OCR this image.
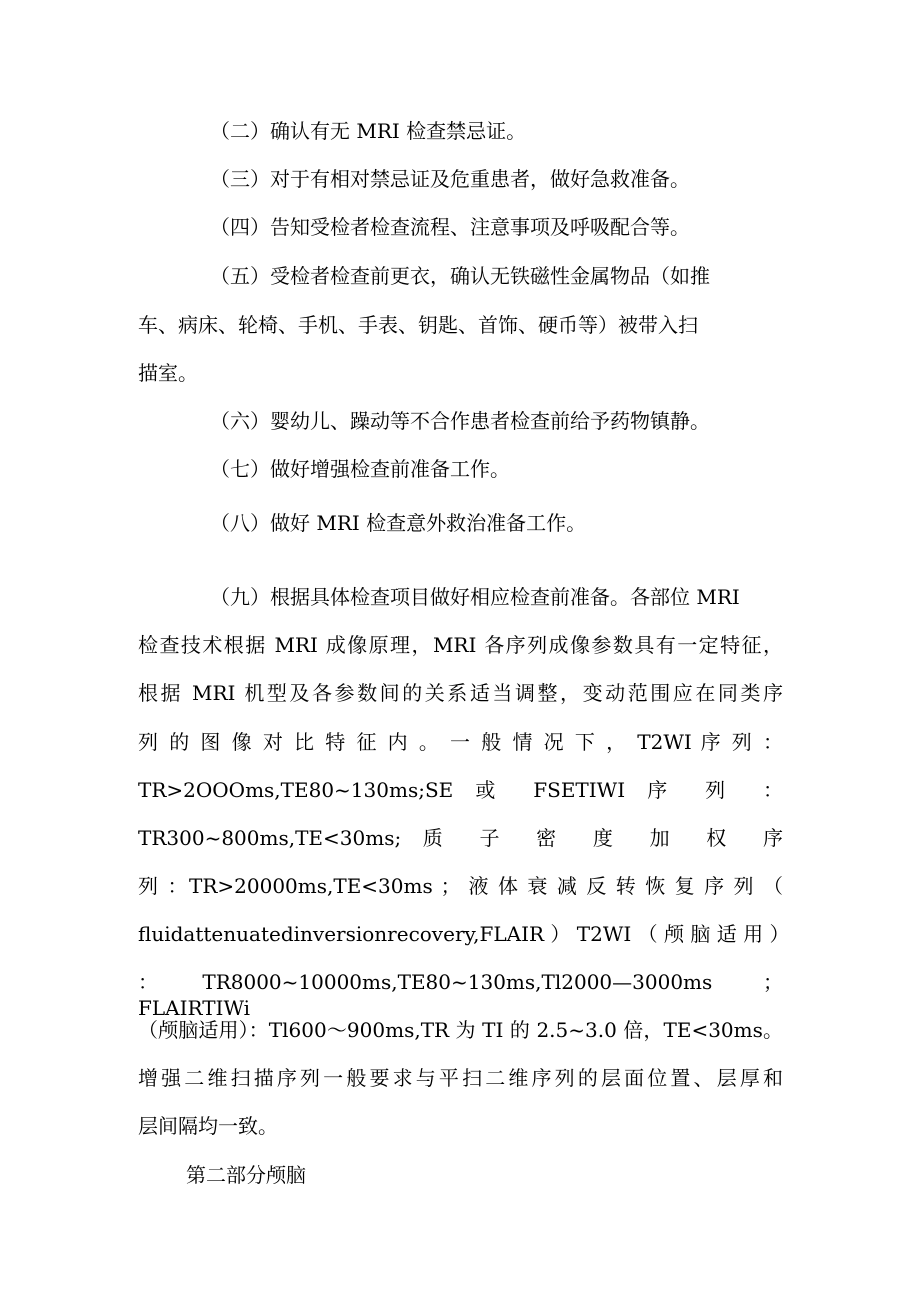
（二）确认有无 MRI 检查禁忌证。
（三）对于有相对禁忌证及危重患者，做好急救准备。
（四）告知受检者检查流程、注意事项及呼吸配合等。
（五）受检者检查前更衣，确认无铁磁性金属物品（如推
车、病床、轮椅、手机、手表、钥匙、首饰、硬币等）被带入扫
描室。
（六）婴幼儿、躁动等不合作患者检查前给予药物镇静。
（七）做好增强检查前准备工作。
（八）做好 MRI 检查意外救治准备工作。
（九）根据具体检查项目做好相应检查前准备。各部位 MRI
检查技术根据 MRI 成像原理，MRI 各序列成像参数具有一定特征，
根据 MRI 机型及各参数间的关系适当调整，变动范围应在同类序
列 的 图 像 对 比 特 征 内 。 一 般 情 况 下 ， T2WI 序 列 ：
TR>2OOOms,TE80~130ms;SE 或 FSETIWI 序 列 ：
TR300~800ms,TE<30ms; 质 子 密 度 加 权 序
列 ：TR>20000ms,TE<30ms ； 液 体 衰 减 反 转 恢 复 序 列 （
fluidattenuatedinversionrecovery,FLAIR ） T2WI （ 颅 脑 适 用 ）
：TR8000~10000ms,TE80~130ms,Tl2000—3000ms ； FLAIRTIWi
（颅脑适用）：Tl600～900ms,TR 为 TI 的 2.5~3.0 倍，TE<30ms。
增强二维扫描序列一般要求与平扫二维序列的层面位置、层厚和
层间隔均一致。
第二部分颅脑
